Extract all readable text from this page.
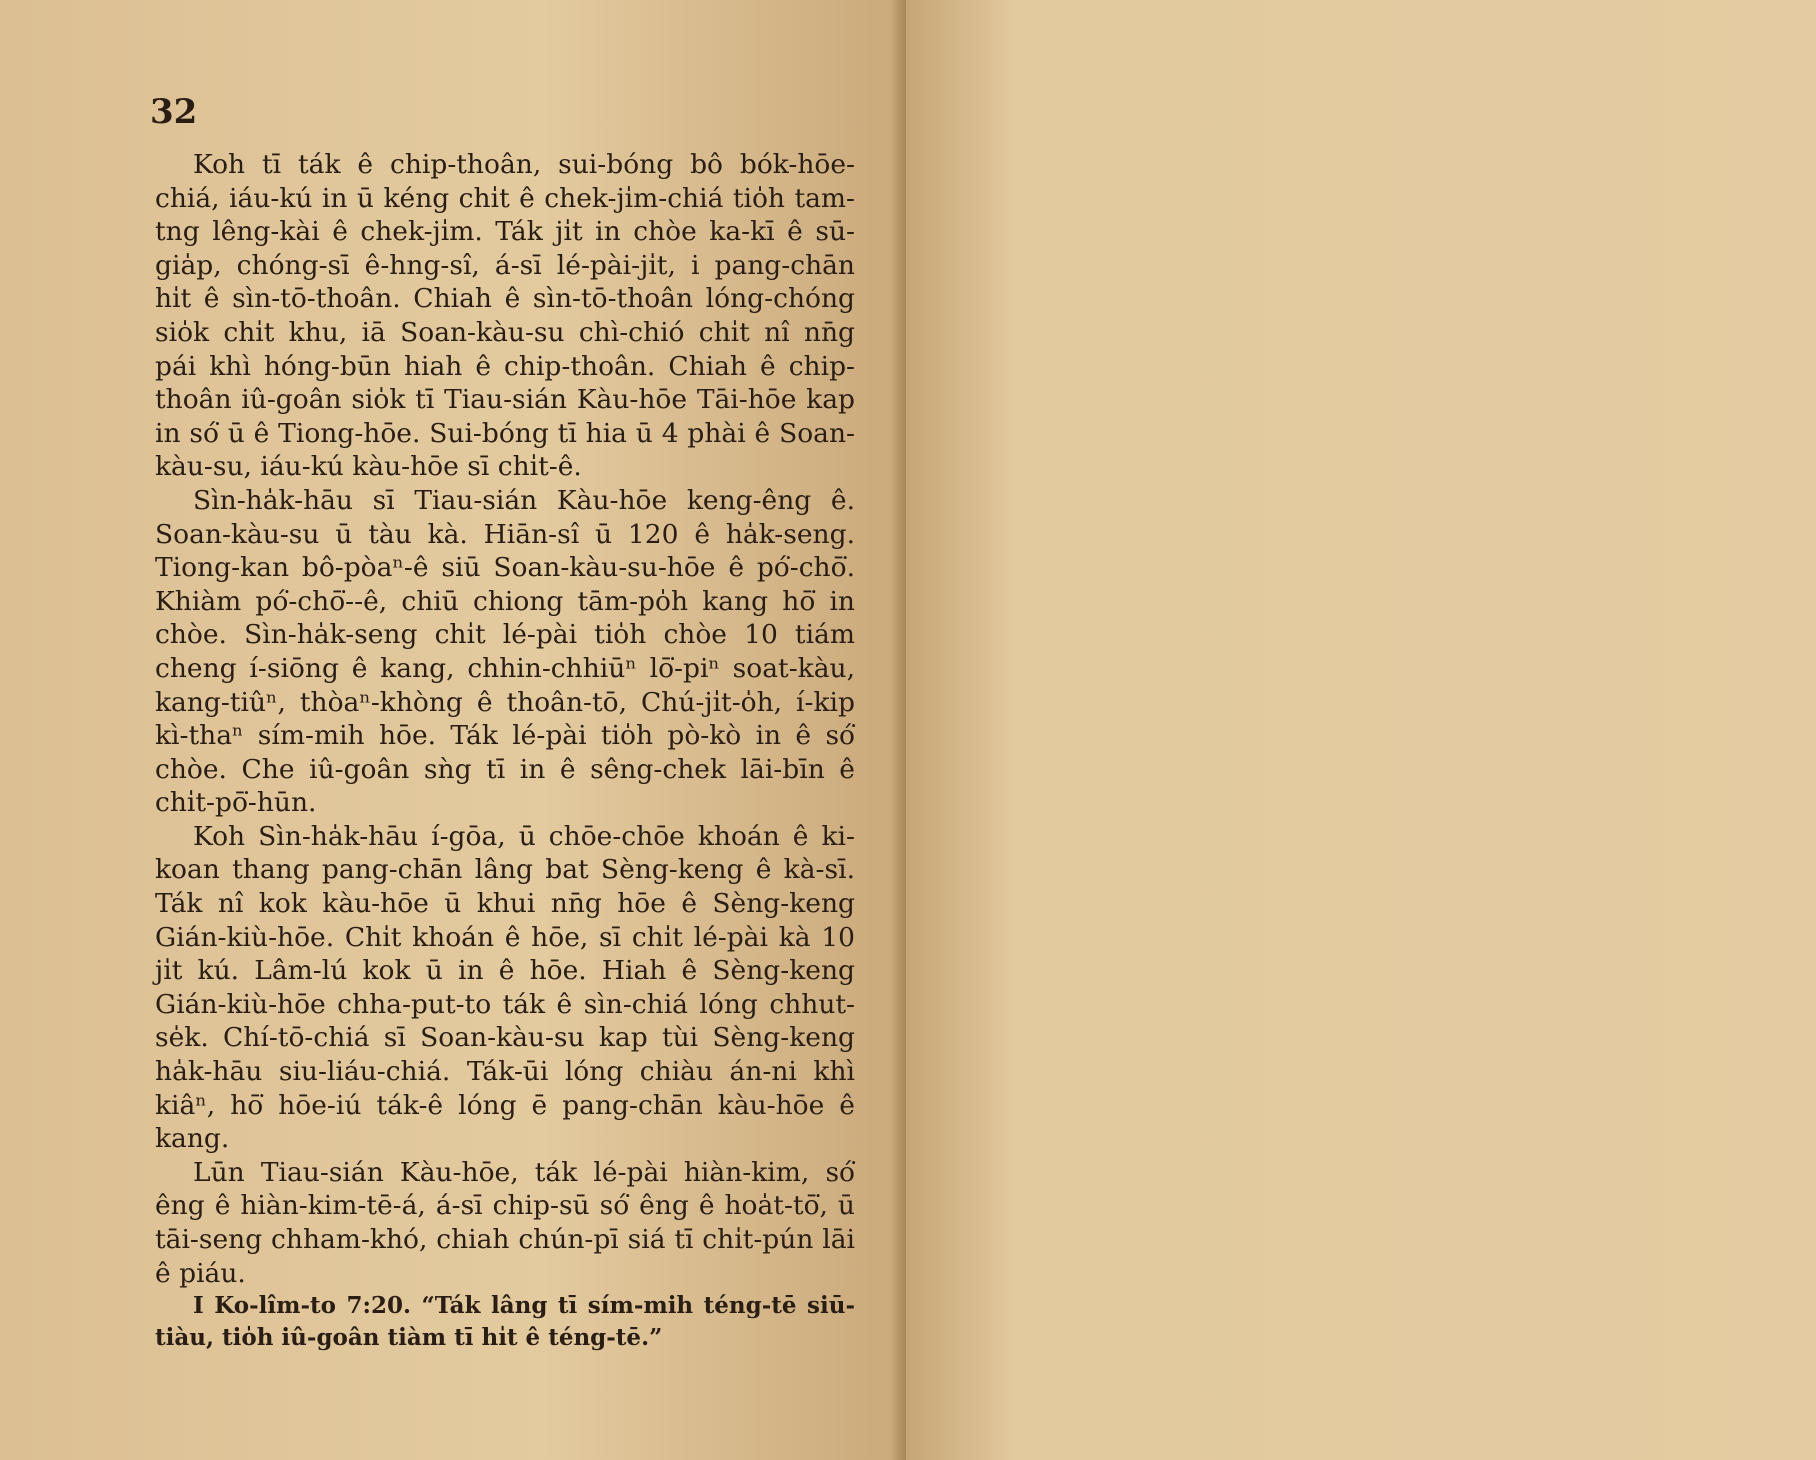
32

Koh tī ták ê chip-thoân, sui-bóng bô bók-hōe-chiá, iáu-kú in ū kéng chi̍t ê chek-ji̍m-chiá tio̍h tam-tng lêng-kài ê chek-ji̍m. Ták ji̍t in chòe ka-kī ê sū-gia̍p, chóng-sī ê-hng-sî, á-sī lé-pài-ji̍t, i pang-chān hi̍t ê sìn-tō-thoân. Chiah ê sìn-tō-thoân lóng-chóng sio̍k chi̍t khu, iā Soan-kàu-su chì-chió chi̍t nî nn̄g pái khì hóng-būn hiah ê chip-thoân. Chiah ê chip-thoân iû-goân sio̍k tī Tiau-sián Kàu-hōe Tāi-hōe kap in só͘ ū ê Tiong-hōe. Sui-bóng tī hia ū 4 phài ê Soan-kàu-su, iáu-kú kàu-hōe sī chi̍t-ê.

Sìn-ha̍k-hāu sī Tiau-sián Kàu-hōe keng-êng ê. Soan-kàu-su ū tàu kà. Hiān-sî ū 120 ê ha̍k-seng. Tiong-kan bô-pòaⁿ-ê siū Soan-kàu-su-hōe ê pó͘-chō͘. Khiàm pó͘-chō͘--ê, chiū chiong tām-po̍h kang hō͘ in chòe. Sìn-ha̍k-seng chi̍t lé-pài tio̍h chòe 10 tiám cheng í-siōng ê kang, chhin-chhiūⁿ lō͘-piⁿ soat-kàu, kang-tiûⁿ, thòaⁿ-khòng ê thoân-tō, Chú-ji̍t-o̍h, í-kip kì-thaⁿ sím-mih hōe. Ták lé-pài tio̍h pò-kò in ê só͘ chòe. Che iû-goân sǹg tī in ê sêng-chek lāi-bīn ê chi̍t-pō͘-hūn.

Koh Sìn-ha̍k-hāu í-gōa, ū chōe-chōe khoán ê ki-koan thang pang-chān lâng bat Sèng-keng ê kà-sī. Ták nî kok kàu-hōe ū khui nn̄g hōe ê Sèng-keng Gián-kiù-hōe. Chi̍t khoán ê hōe, sī chi̍t lé-pài kà 10 ji̍t kú. Lâm-lú kok ū in ê hōe. Hiah ê Sèng-keng Gián-kiù-hōe chha-put-to ták ê sìn-chiá lóng chhut-se̍k. Chí-tō-chiá sī Soan-kàu-su kap tùi Sèng-keng ha̍k-hāu siu-liáu-chiá. Ták-ūi lóng chiàu án-ni khì kiâⁿ, hō͘ hōe-iú ták-ê lóng ē pang-chān kàu-hōe ê kang.

Lūn Tiau-sián Kàu-hōe, ták lé-pài hiàn-kim, só͘ êng ê hiàn-kim-tē-á, á-sī chip-sū só͘ êng ê hoa̍t-tō͘, ū tāi-seng chham-khó, chiah chún-pī siá tī chi̍t-pún lāi ê piáu.

I Ko-lîm-to 7:20. “Ták lâng tī sím-mih téng-tē siū-tiàu, tio̍h iû-goân tiàm tī hi̍t ê téng-tē.”
